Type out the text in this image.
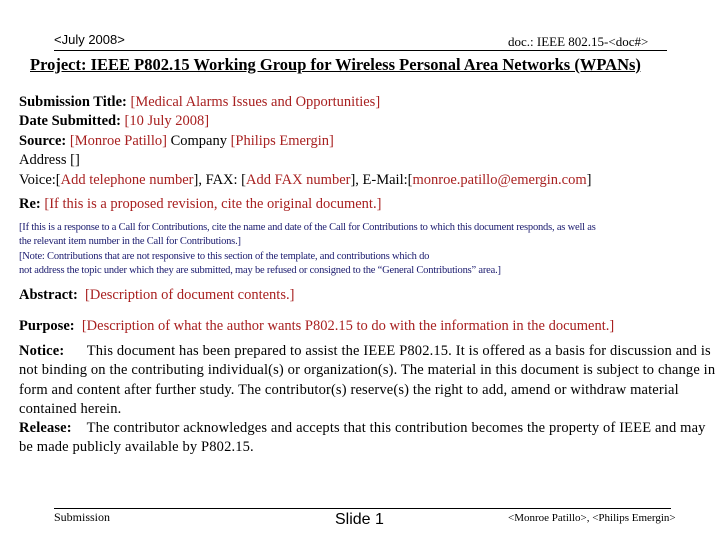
<July 2008>	doc.: IEEE 802.15-<doc#>
Project: IEEE P802.15 Working Group for Wireless Personal Area Networks (WPANs)
Submission Title: [Medical Alarms Issues and Opportunities]
Date Submitted: [10 July 2008]
Source: [Monroe Patillo] Company [Philips Emergin]
Address []
Voice:[Add telephone number], FAX: [Add FAX number], E-Mail:[monroe.patillo@emergin.com]
Re: [If this is a proposed revision, cite the original document.]
[If this is a response to a Call for Contributions, cite the name and date of the Call for Contributions to which this document responds, as well as
the relevant item number in the Call for Contributions.]
[Note: Contributions that are not responsive to this section of the template, and contributions which do
not address the topic under which they are submitted, may be refused or consigned to the “General Contributions” area.]
Abstract: [Description of document contents.]
Purpose: [Description of what the author wants P802.15 to do with the information in the document.]
Notice: This document has been prepared to assist the IEEE P802.15. It is offered as a basis for discussion and is not binding on the contributing individual(s) or organization(s). The material in this document is subject to change in form and content after further study. The contributor(s) reserve(s) the right to add, amend or withdraw material contained herein.
Release: The contributor acknowledges and accepts that this contribution becomes the property of IEEE and may be made publicly available by P802.15.
Submission	Slide 1	<Monroe Patillo>, <Philips Emergin>
